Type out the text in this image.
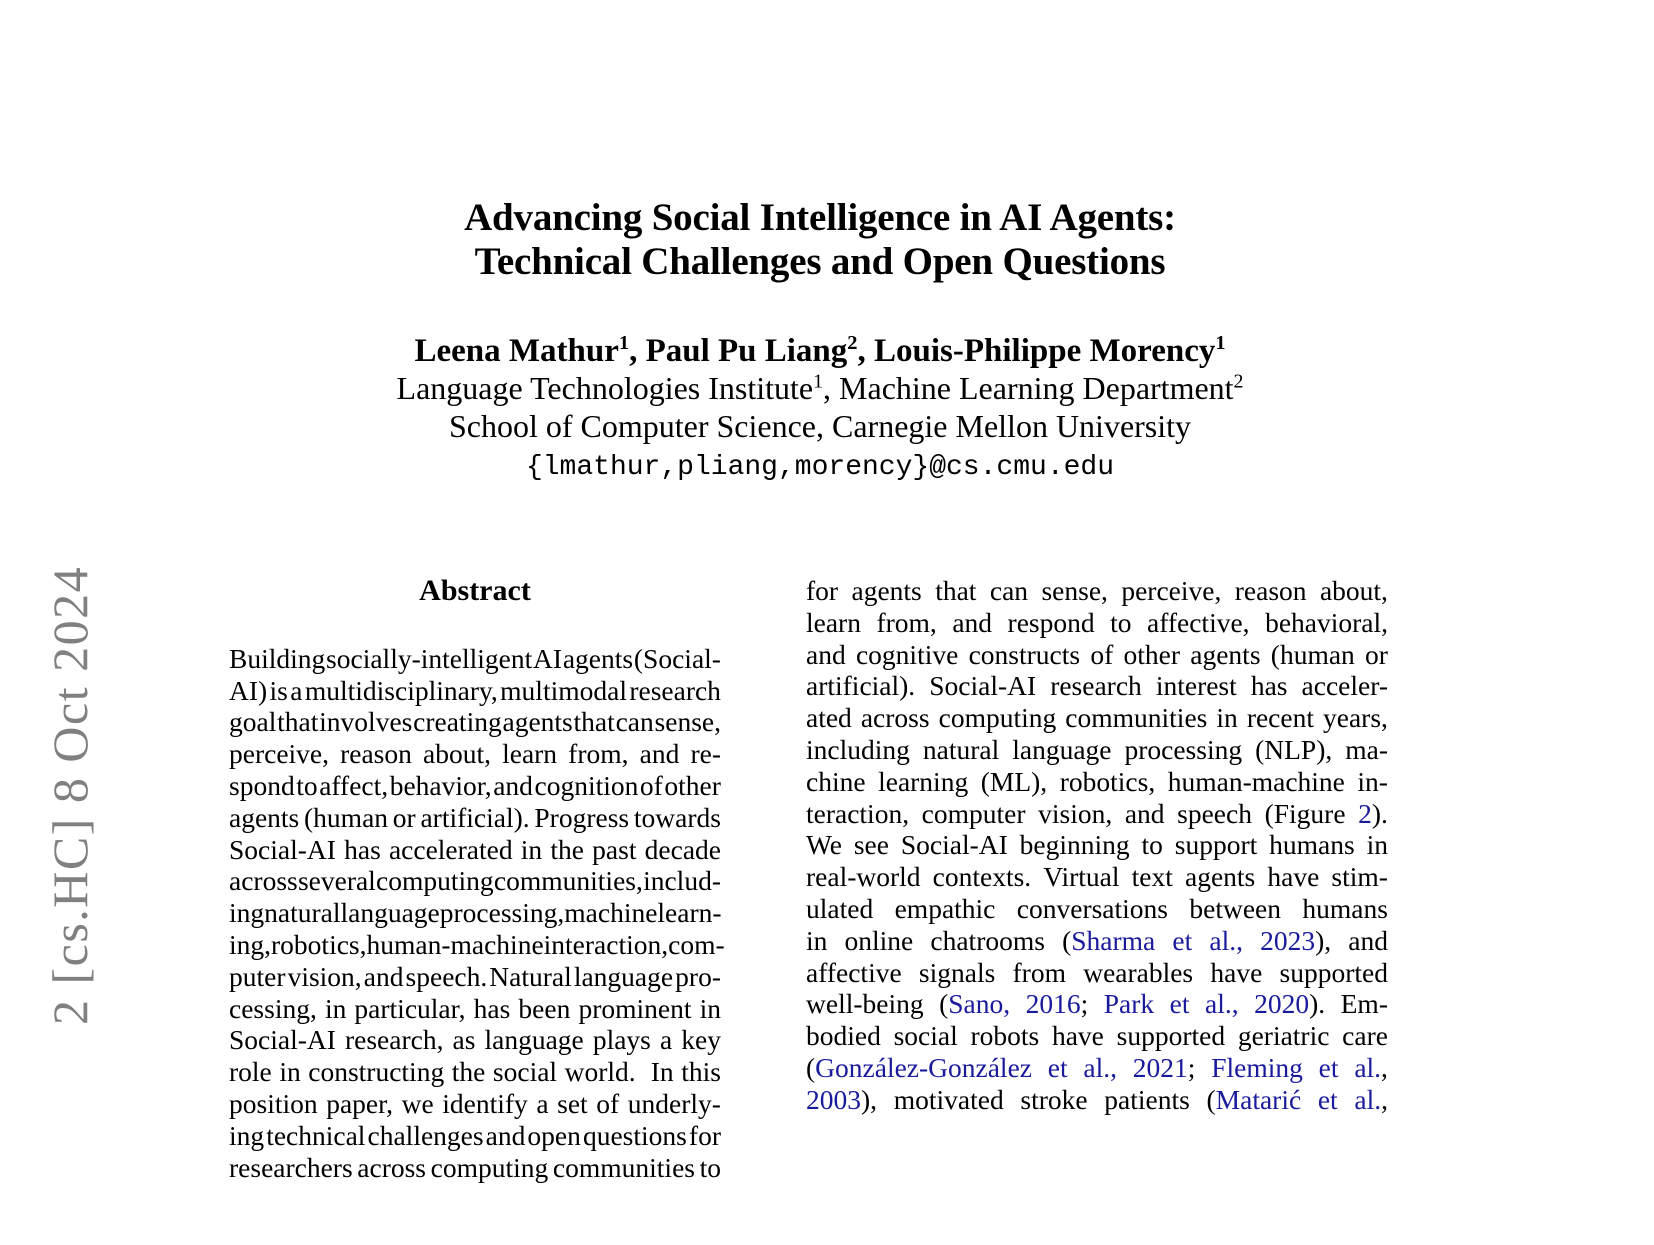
2
[cs.HC] 8 Oct 2024
Advancing Social Intelligence in AI Agents:
Technical Challenges and Open Questions
Leena Mathur$^1$, Paul Pu Liang$^2$, Louis-Philippe Morency$^1$
Language Technologies Institute$^1$, Machine Learning Department$^2$
School of Computer Science, Carnegie Mellon University
{lmathur,pliang,morency}@cs.cmu.edu
Abstract
Building socially-intelligent AI agents (Social-
AI) is a multidisciplinary, multimodal research
goal that involves creating agents that can sense,
perceive, reason about, learn from, and re-
spond to affect, behavior, and cognition of other
agents (human or artificial). Progress towards
Social-AI has accelerated in the past decade
across several computing communities, includ-
ing natural language processing, machine learn-
ing, robotics, human-machine interaction, com-
puter vision, and speech. Natural language pro-
cessing, in particular, has been prominent in
Social-AI research, as language plays a key
role in constructing the social world. In this
position paper, we identify a set of underly-
ing technical challenges and open questions for
researchers across computing communities to
for agents that can sense, perceive, reason about,
learn from, and respond to affective, behavioral,
and cognitive constructs of other agents (human or
artificial). Social-AI research interest has acceler-
ated across computing communities in recent years,
including natural language processing (NLP), ma-
chine learning (ML), robotics, human-machine in-
teraction, computer vision, and speech (Figure 2).
We see Social-AI beginning to support humans in
real-world contexts. Virtual text agents have stim-
ulated empathic conversations between humans
in online chatrooms (Sharma et al., 2023), and
affective signals from wearables have supported
well-being (Sano, 2016; Park et al., 2020). Em-
bodied social robots have supported geriatric care
(González-González et al., 2021; Fleming et al.,
2003), motivated stroke patients (Matarić et al.,
